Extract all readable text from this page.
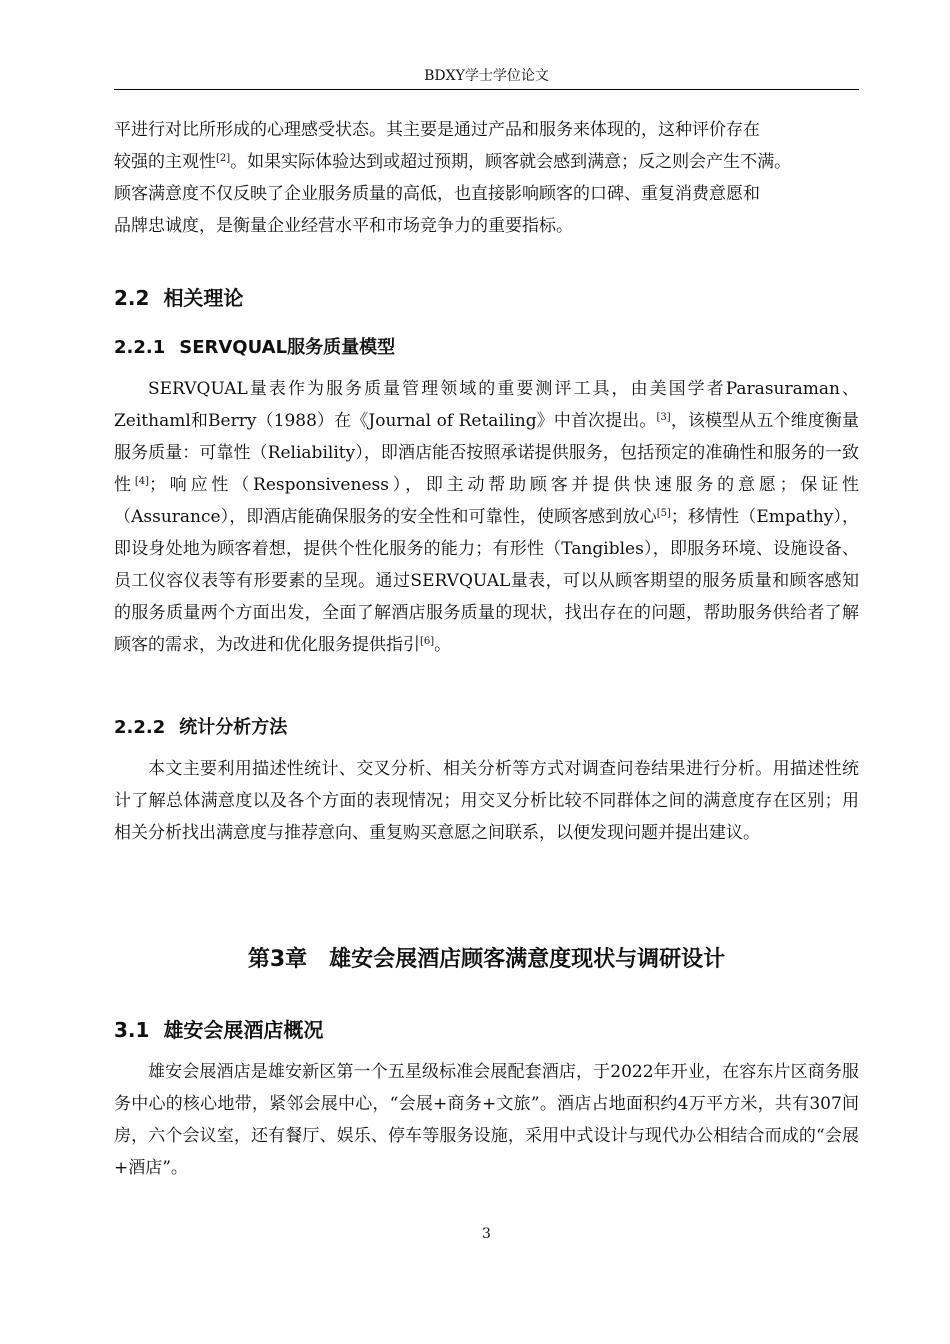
BDXY学士学位论文

平进行对比所形成的心理感受状态。其主要是通过产品和服务来体现的，这种评价存在

较强的主观性[2]。如果实际体验达到或超过预期，顾客就会感到满意；反之则会产生不满。

顾客满意度不仅反映了企业服务质量的高低，也直接影响顾客的口碑、重复消费意愿和

品牌忠诚度，是衡量企业经营水平和市场竞争力的重要指标。

2.2 相关理论
2.2.1 SERVQUAL服务质量模型

SERVQUAL量表作为服务质量管理领域的重要测评工具，由美国学者Parasuraman、Zeithaml和Berry（1988）在《Journal of Retailing》中首次提出。[3]，该模型从五个维度衡量服务质量：可靠性（Reliability），即酒店能否按照承诺提供服务，包括预定的准确性和服务的一致性[4]；响应性（Responsiveness），即主动帮助顾客并提供快速服务的意愿；保证性（Assurance），即酒店能确保服务的安全性和可靠性，使顾客感到放心[5]；移情性（Empathy），即设身处地为顾客着想，提供个性化服务的能力；有形性（Tangibles），即服务环境、设施设备、员工仪容仪表等有形要素的呈现。通过SERVQUAL量表，可以从顾客期望的服务质量和顾客感知的服务质量两个方面出发，全面了解酒店服务质量的现状，找出存在的问题，帮助服务供给者了解顾客的需求，为改进和优化服务提供指引[6]。

2.2.2 统计分析方法

本文主要利用描述性统计、交叉分析、相关分析等方式对调查问卷结果进行分析。用描述性统计了解总体满意度以及各个方面的表现情况；用交叉分析比较不同群体之间的满意度存在区别；用相关分析找出满意度与推荐意向、重复购买意愿之间联系，以便发现问题并提出建议。

第3章 雄安会展酒店顾客满意度现状与调研设计
3.1 雄安会展酒店概况

雄安会展酒店是雄安新区第一个五星级标准会展配套酒店，于2022年开业，在容东片区商务服务中心的核心地带，紧邻会展中心，“会展+商务+文旅”。酒店占地面积约4万平方米，共有307间房，六个会议室，还有餐厅、娱乐、停车等服务设施，采用中式设计与现代办公相结合而成的“会展+酒店”。

3
